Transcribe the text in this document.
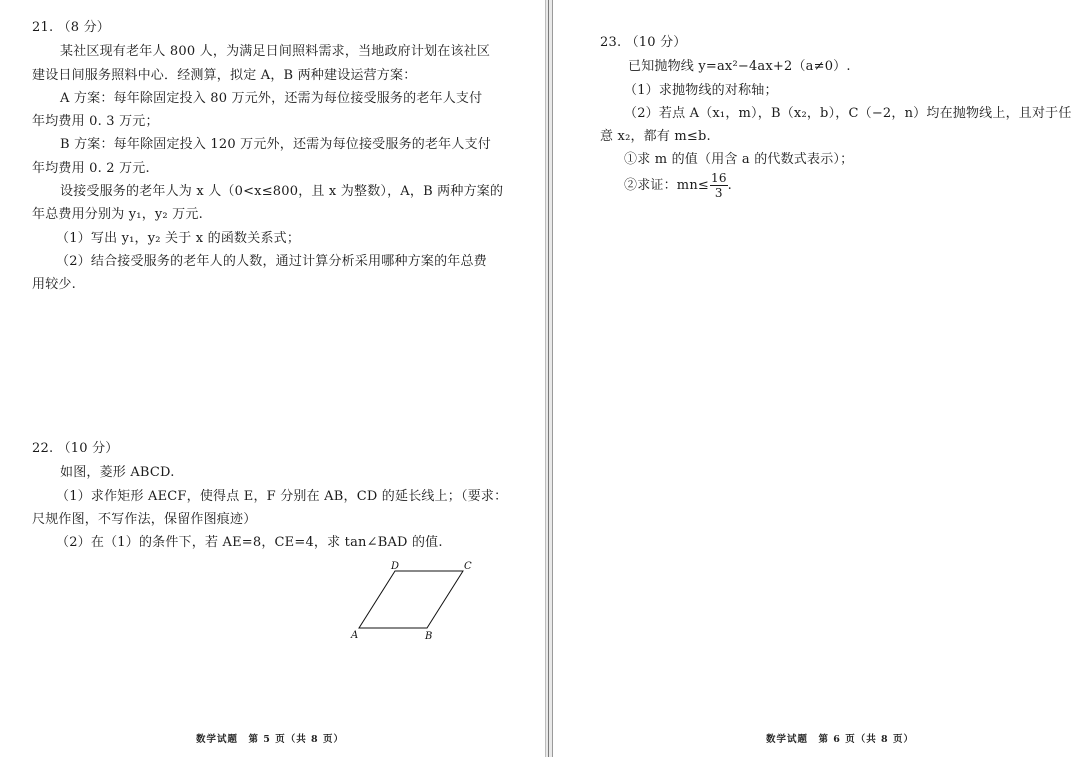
21. （8 分）

某社区现有老年人 800 人，为满足日间照料需求，当地政府计划在该社区

建设日间服务照料中心．经测算，拟定 A，B 两种建设运营方案：

A 方案：每年除固定投入 80 万元外，还需为每位接受服务的老年人支付

年均费用 0. 3 万元；

B 方案：每年除固定投入 120 万元外，还需为每位接受服务的老年人支付

年均费用 0. 2 万元.

设接受服务的老年人为 x 人（0<x≤800，且 x 为整数），A，B 两种方案的

年总费用分别为 y₁，y₂ 万元.

（1）写出 y₁，y₂ 关于 x 的函数关系式；

（2）结合接受服务的老年人的人数，通过计算分析采用哪种方案的年总费

用较少.

22. （10 分）

如图，菱形 ABCD.

（1）求作矩形 AECF，使得点 E，F 分别在 AB，CD 的延长线上；（要求：

尺规作图，不写作法，保留作图痕迹）

（2）在（1）的条件下，若 AE=8，CE=4，求 tan∠BAD 的值.

A	B
C
D
数学试题　第 5 页（共 8 页）	数学试题　第 6 页（共 8 页）

23. （10 分）

已知抛物线 y=ax²−4ax+2（a≠0）.

（1）求抛物线的对称轴；

（2）若点 A（x₁，m），B（x₂，b），C（−2，n）均在抛物线上，且对于任

意 x₂，都有 m≤b.

①求 m 的值（用含 a 的代数式表示）；

②求证：$mn\le \frac{16}{3}$ .
